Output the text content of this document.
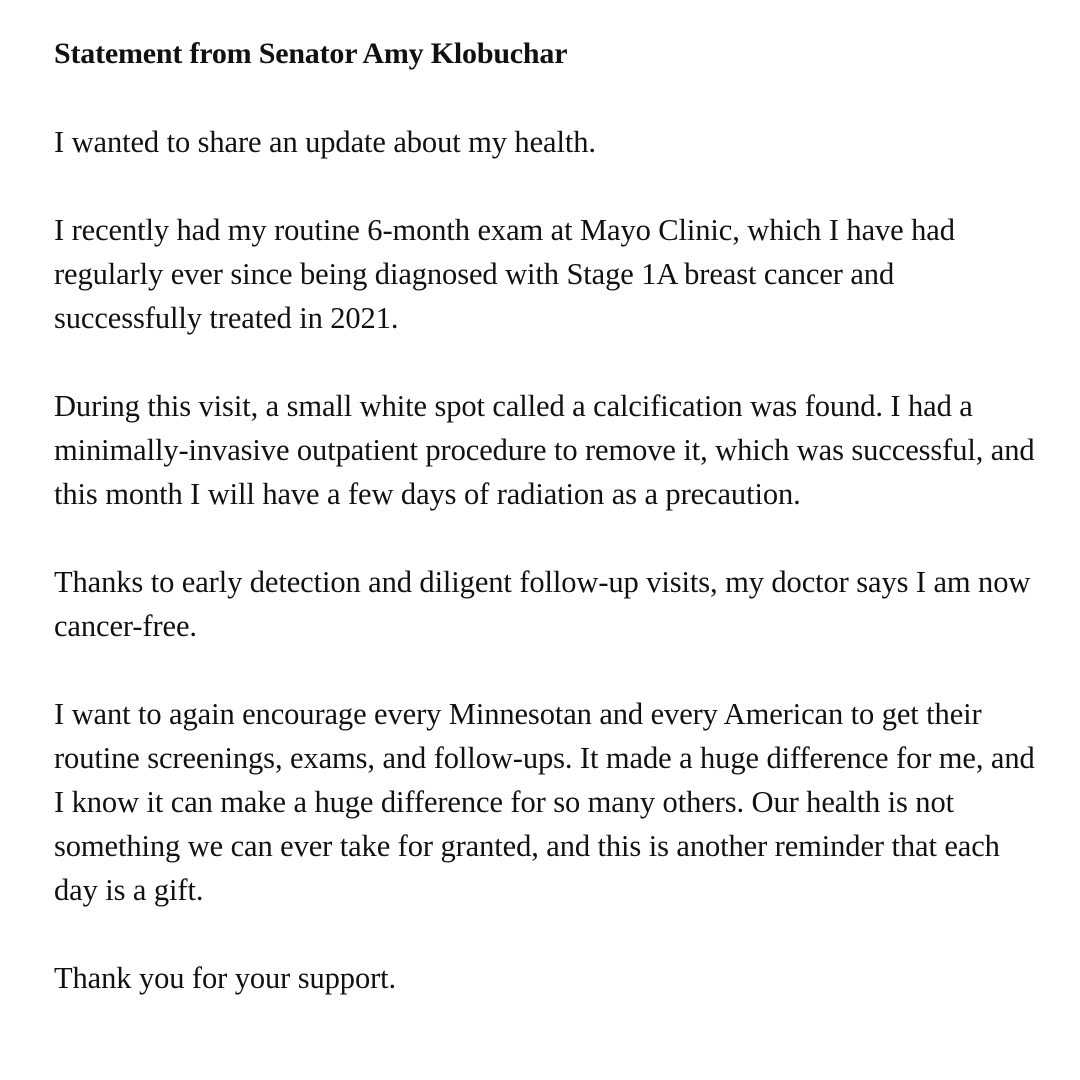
Statement from Senator Amy Klobuchar

I wanted to share an update about my health.

I recently had my routine 6-month exam at Mayo Clinic, which I have had regularly ever since being diagnosed with Stage 1A breast cancer and successfully treated in 2021.

During this visit, a small white spot called a calcification was found. I had a minimally-invasive outpatient procedure to remove it, which was successful, and this month I will have a few days of radiation as a precaution.

Thanks to early detection and diligent follow-up visits, my doctor says I am now cancer-free.

I want to again encourage every Minnesotan and every American to get their routine screenings, exams, and follow-ups. It made a huge difference for me, and I know it can make a huge difference for so many others. Our health is not something we can ever take for granted, and this is another reminder that each day is a gift.

Thank you for your support.
